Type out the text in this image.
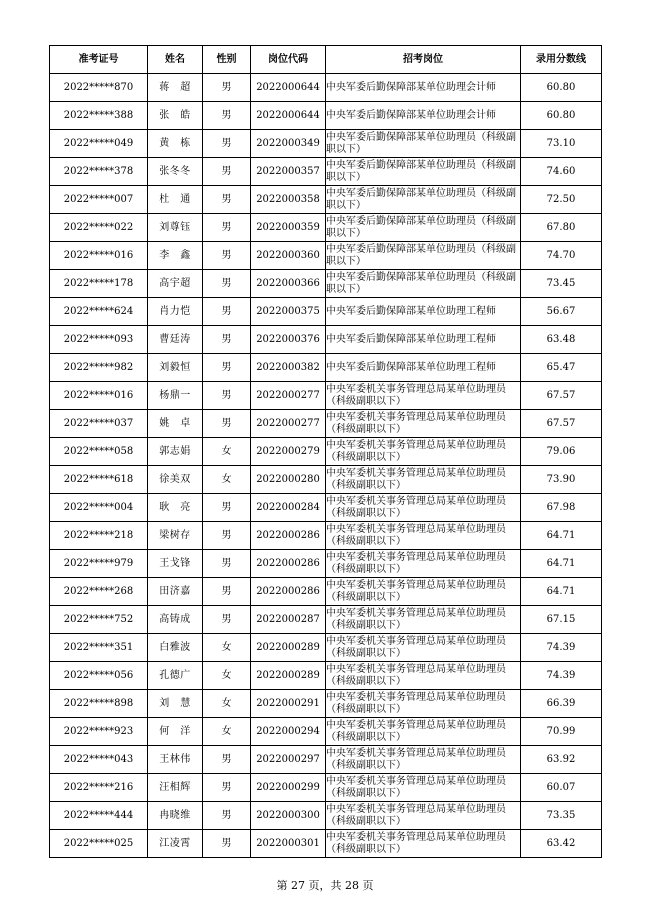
准考证号	姓名	性别	岗位代码	招考岗位	录用分数线
2022*****870	蒋　超	男	2022000644	中央军委后勤保障部某单位助理会计师	60.80
2022*****388	张　皓	男	2022000644	中央军委后勤保障部某单位助理会计师	60.80
2022*****049	黄　栋	男	2022000349	中央军委后勤保障部某单位助理员（科级副职以下）	73.10
2022*****378	张冬冬	男	2022000357	中央军委后勤保障部某单位助理员（科级副职以下）	74.60
2022*****007	杜　通	男	2022000358	中央军委后勤保障部某单位助理员（科级副职以下）	72.50
2022*****022	刘尊钰	男	2022000359	中央军委后勤保障部某单位助理员（科级副职以下）	67.80
2022*****016	李　鑫	男	2022000360	中央军委后勤保障部某单位助理员（科级副职以下）	74.70
2022*****178	高宇超	男	2022000366	中央军委后勤保障部某单位助理员（科级副职以下）	73.45
2022*****624	肖力恺	男	2022000375	中央军委后勤保障部某单位助理工程师	56.67
2022*****093	曹廷涛	男	2022000376	中央军委后勤保障部某单位助理工程师	63.48
2022*****982	刘毅恒	男	2022000382	中央军委后勤保障部某单位助理工程师	65.47
2022*****016	杨鼎一	男	2022000277	中央军委机关事务管理总局某单位助理员（科级副职以下）	67.57
2022*****037	姚　卓	男	2022000277	中央军委机关事务管理总局某单位助理员（科级副职以下）	67.57
2022*****058	郭志娟	女	2022000279	中央军委机关事务管理总局某单位助理员（科级副职以下）	79.06
2022*****618	徐美双	女	2022000280	中央军委机关事务管理总局某单位助理员（科级副职以下）	73.90
2022*****004	耿　亮	男	2022000284	中央军委机关事务管理总局某单位助理员（科级副职以下）	67.98
2022*****218	梁树存	男	2022000286	中央军委机关事务管理总局某单位助理员（科级副职以下）	64.71
2022*****979	王戈锋	男	2022000286	中央军委机关事务管理总局某单位助理员（科级副职以下）	64.71
2022*****268	田济嘉	男	2022000286	中央军委机关事务管理总局某单位助理员（科级副职以下）	64.71
2022*****752	高铸成	男	2022000287	中央军委机关事务管理总局某单位助理员（科级副职以下）	67.15
2022*****351	白雅波	女	2022000289	中央军委机关事务管理总局某单位助理员（科级副职以下）	74.39
2022*****056	孔德广	女	2022000289	中央军委机关事务管理总局某单位助理员（科级副职以下）	74.39
2022*****898	刘　慧	女	2022000291	中央军委机关事务管理总局某单位助理员（科级副职以下）	66.39
2022*****923	何　洋	女	2022000294	中央军委机关事务管理总局某单位助理员（科级副职以下）	70.99
2022*****043	王林伟	男	2022000297	中央军委机关事务管理总局某单位助理员（科级副职以下）	63.92
2022*****216	汪相辉	男	2022000299	中央军委机关事务管理总局某单位助理员（科级副职以下）	60.07
2022*****444	冉晓维	男	2022000300	中央军委机关事务管理总局某单位助理员（科级副职以下）	73.35
2022*****025	江凌霄	男	2022000301	中央军委机关事务管理总局某单位助理员（科级副职以下）	63.42
第 27 页，共 28 页
